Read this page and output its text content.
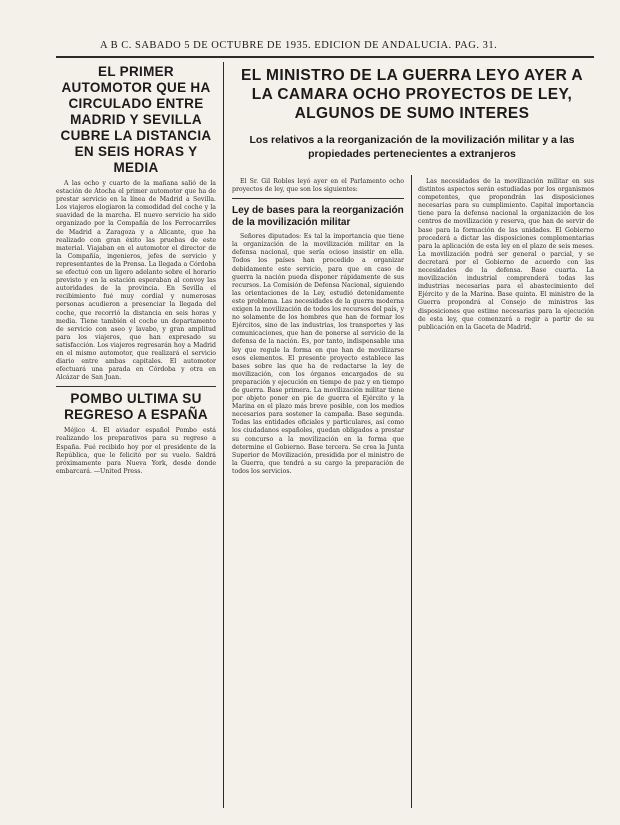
A B C. SABADO 5 DE OCTUBRE DE 1935. EDICION DE ANDALUCIA. PAG. 31.
EL PRIMER AUTOMOTOR QUE HA CIRCULADO ENTRE MADRID Y SEVILLA CUBRE LA DISTANCIA EN SEIS HORAS Y MEDIA

A las ocho y cuarto de la mañana salió de la estación de Atocha el primer automotor que ha de prestar servicio en la línea de Madrid a Sevilla. Los viajeros elogiaron la comodidad del coche y la suavidad de la marcha. El nuevo servicio ha sido organizado por la Compañía de los Ferrocarriles de Madrid a Zaragoza y a Alicante, que ha realizado con gran éxito las pruebas de este material. Viajaban en el automotor el director de la Compañía, ingenieros, jefes de servicio y representantes de la Prensa. La llegada a Córdoba se efectuó con un ligero adelanto sobre el horario previsto y en la estación esperaban al convoy las autoridades de la provincia. En Sevilla el recibimiento fué muy cordial y numerosas personas acudieron a presenciar la llegada del coche, que recorrió la distancia en seis horas y media. Tiene también el coche un departamento de servicio con aseo y lavabo, y gran amplitud para los viajeros, que han expresado su satisfacción. Los viajeros regresarán hoy a Madrid en el mismo automotor, que realizará el servicio diario entre ambas capitales. El automotor efectuará una parada en Córdoba y otra en Alcázar de San Juan.

POMBO ULTIMA SU REGRESO A ESPAÑA

Méjico 4. El aviador español Pombo está realizando los preparativos para su regreso a España. Fué recibido hoy por el presidente de la República, que le felicitó por su vuelo. Saldrá próximamente para Nueva York, desde donde embarcará. —United Press.

EL MINISTRO DE LA GUERRA LEYO AYER A LA CAMARA OCHO PROYECTOS DE LEY, ALGUNOS DE SUMO INTERES
Los relativos a la reorganización de la movilización militar y a las propiedades pertenecientes a extranjeros

El Sr. Gil Robles leyó ayer en el Parlamento ocho proyectos de ley, que son los siguientes:

Ley de bases para la reorganización de la movilización militar

Señores diputados: Es tal la importancia que tiene la organización de la movilización militar en la defensa nacional, que sería ocioso insistir en ella. Todos los países han procedido a organizar debidamente este servicio, para que en caso de guerra la nación pueda disponer rápidamente de sus recursos. La Comisión de Defensa Nacional, siguiendo las orientaciones de la Ley, estudió detenidamente este problema. Las necesidades de la guerra moderna exigen la movilización de todos los recursos del país, y no solamente de los hombres que han de formar los Ejércitos, sino de las industrias, los transportes y las comunicaciones, que han de ponerse al servicio de la defensa de la nación. Es, por tanto, indispensable una ley que regule la forma en que han de movilizarse esos elementos. El presente proyecto establece las bases sobre las que ha de redactarse la ley de movilización, con los órganos encargados de su preparación y ejecución en tiempo de paz y en tiempo de guerra. Base primera. La movilización militar tiene por objeto poner en pie de guerra el Ejército y la Marina en el plazo más breve posible, con los medios necesarios para sostener la campaña. Base segunda. Todas las entidades oficiales y particulares, así como los ciudadanos españoles, quedan obligados a prestar su concurso a la movilización en la forma que determine el Gobierno. Base tercera. Se crea la Junta Superior de Movilización, presidida por el ministro de la Guerra, que tendrá a su cargo la preparación de todos los servicios.

Las necesidades de la movilización militar en sus distintos aspectos serán estudiadas por los organismos competentes, que propondrán las disposiciones necesarias para su cumplimiento. Capital importancia tiene para la defensa nacional la organización de los centros de movilización y reserva, que han de servir de base para la formación de las unidades. El Gobierno procederá a dictar las disposiciones complementarias para la aplicación de esta ley en el plazo de seis meses. La movilización podrá ser general o parcial, y se decretará por el Gobierno de acuerdo con las necesidades de la defensa. Base cuarta. La movilización industrial comprenderá todas las industrias necesarias para el abastecimiento del Ejército y de la Marina. Base quinta. El ministro de la Guerra propondrá al Consejo de ministros las disposiciones que estime necesarias para la ejecución de esta ley, que comenzará a regir a partir de su publicación en la Gaceta de Madrid.
